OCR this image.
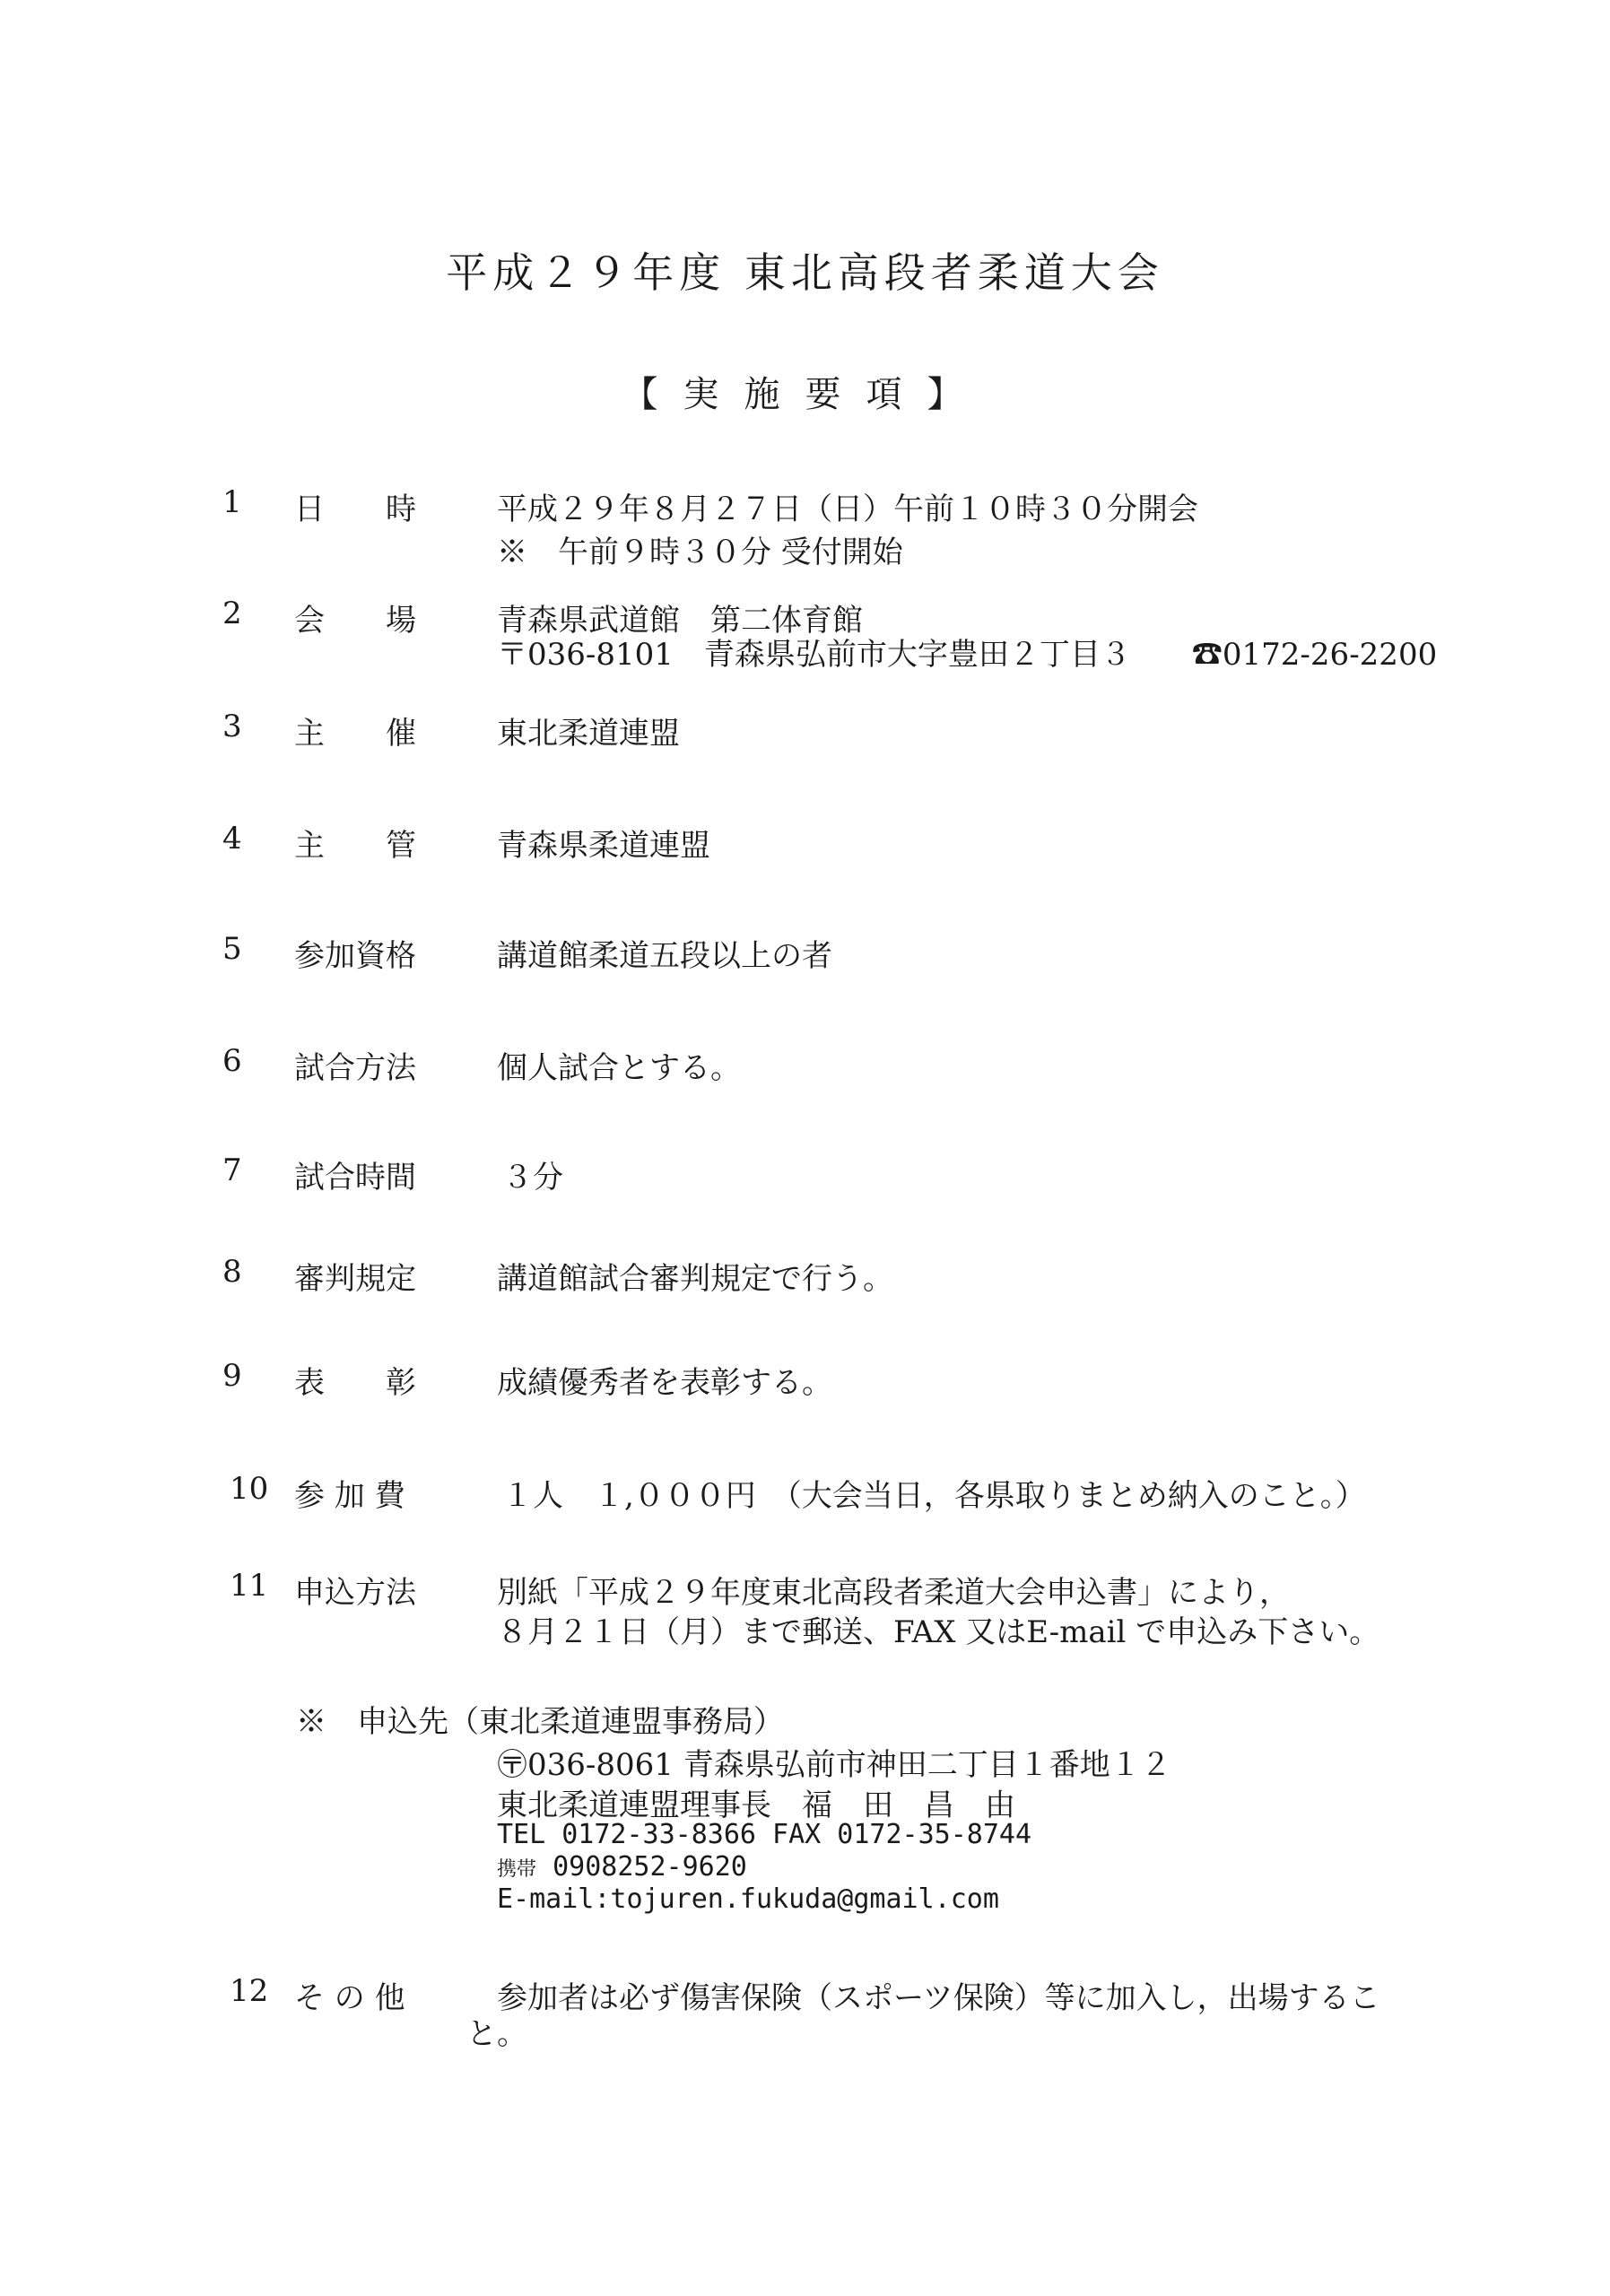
平成２９年度 東北高段者柔道大会
【実施要項】
1	日　　時	平成２９年８月２７日（日）午前１０時３０分開会
※　午前９時３０分 受付開始
2	会　　場	青森県武道館　第二体育館
〒036-8101　青森県弘前市大字豊田２丁目３　　☎0172-26-2200
3	主　　催	東北柔道連盟
4	主　　管	青森県柔道連盟
5	参加資格	講道館柔道五段以上の者
6	試合方法	個人試合とする。
7	試合時間	３分
8	審判規定	講道館試合審判規定で行う。
9	表　　彰	成績優秀者を表彰する。
10 参 加 費	１人　１,０００円　（大会当日，各県取りまとめ納入のこと。）
11 申込方法	別紙「平成２９年度東北高段者柔道大会申込書」により，
８月２１日（月）まで郵送、FAX 又はE-mail で申込み下さい。
※　申込先（東北柔道連盟事務局）
〶036-8061 青森県弘前市神田二丁目１番地１２
東北柔道連盟理事長　福　田　昌　由
TEL 0172-33-8366 FAX 0172-35-8744
携帯 0908252-9620
E-mail:tojuren.fukuda@gmail.com
12 そ の 他	参加者は必ず傷害保険（スポーツ保険）等に加入し，出場するこ
と。
